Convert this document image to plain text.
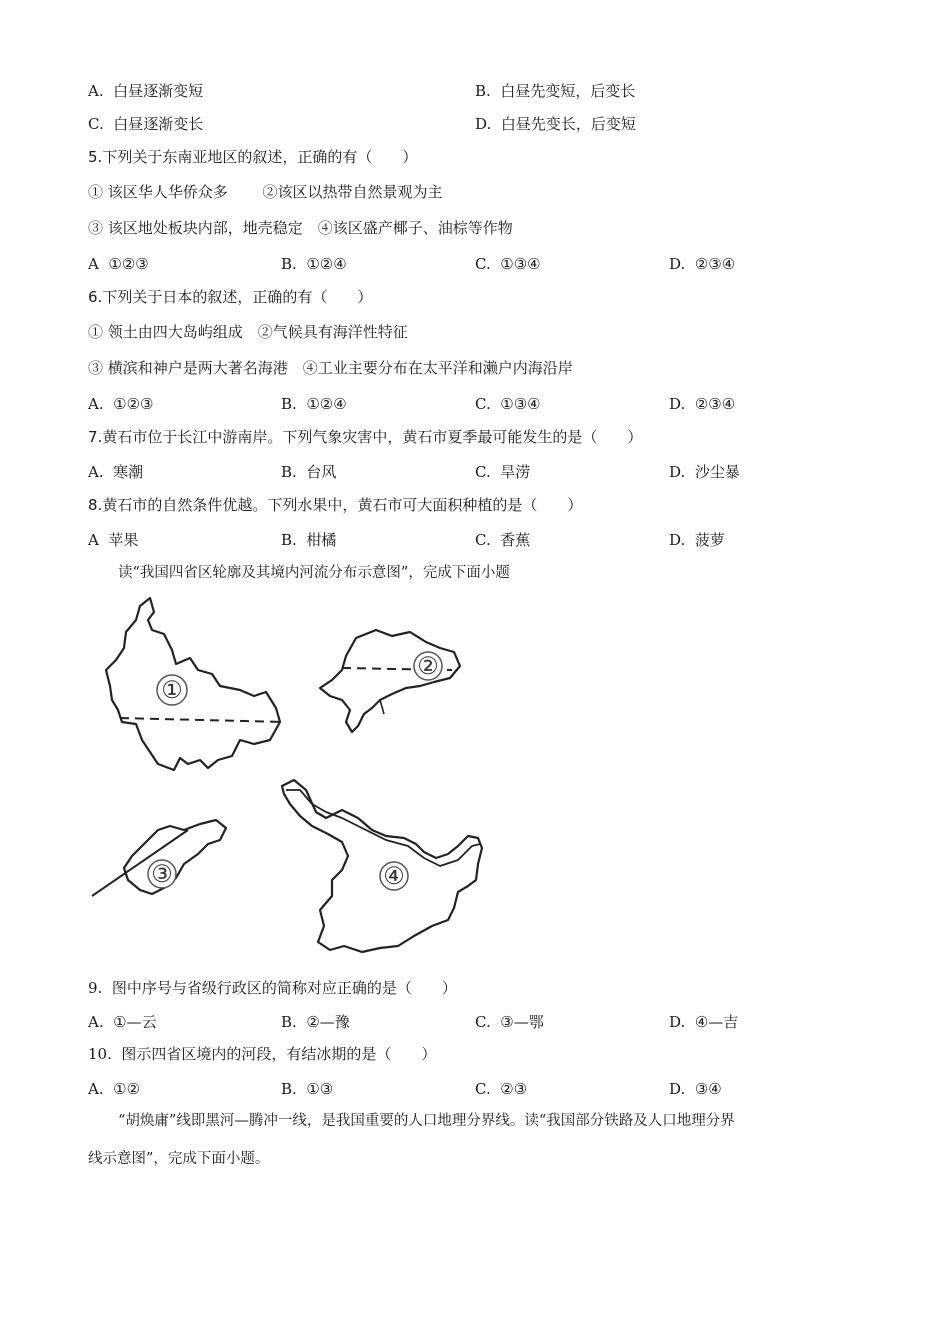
A. 白昼逐渐变短	B. 白昼先变短，后变长
C. 白昼逐渐变长	D. 白昼先变长，后变短
5.下列关于东南亚地区的叙述，正确的有（　　）
① 该区华人华侨众多　　 ②该区以热带自然景观为主
③ 该区地处板块内部，地壳稳定　④该区盛产椰子、油棕等作物
A ①②③	B. ①②④	C. ①③④	D. ②③④
6.下列关于日本的叙述，正确的有（　　）
① 领土由四大岛屿组成　②气候具有海洋性特征
③ 横滨和神户是两大著名海港　④工业主要分布在太平洋和濑户内海沿岸
A. ①②③	B. ①②④	C. ①③④	D. ②③④
7.黄石市位于长江中游南岸。下列气象灾害中，黄石市夏季最可能发生的是（　　）
A. 寒潮	B. 台风	C. 旱涝	D. 沙尘暴
8.黄石市的自然条件优越。下列水果中，黄石市可大面积种植的是（　　）
A 苹果	B. 柑橘	C. 香蕉	D. 菠萝
读“我国四省区轮廓及其境内河流分布示意图”，完成下面小题
①
②
③	④
9. 图中序号与省级行政区的简称对应正确的是（　　）
A. ①—云	B. ②—豫	C. ③—鄂	D. ④—吉
10. 图示四省区境内的河段，有结冰期的是（　　）
A. ①②	B. ①③	C. ②③	D. ③④
“胡焕庸”线即黑河—腾冲一线，是我国重要的人口地理分界线。读“我国部分铁路及人口地理分界
线示意图”，完成下面小题。
